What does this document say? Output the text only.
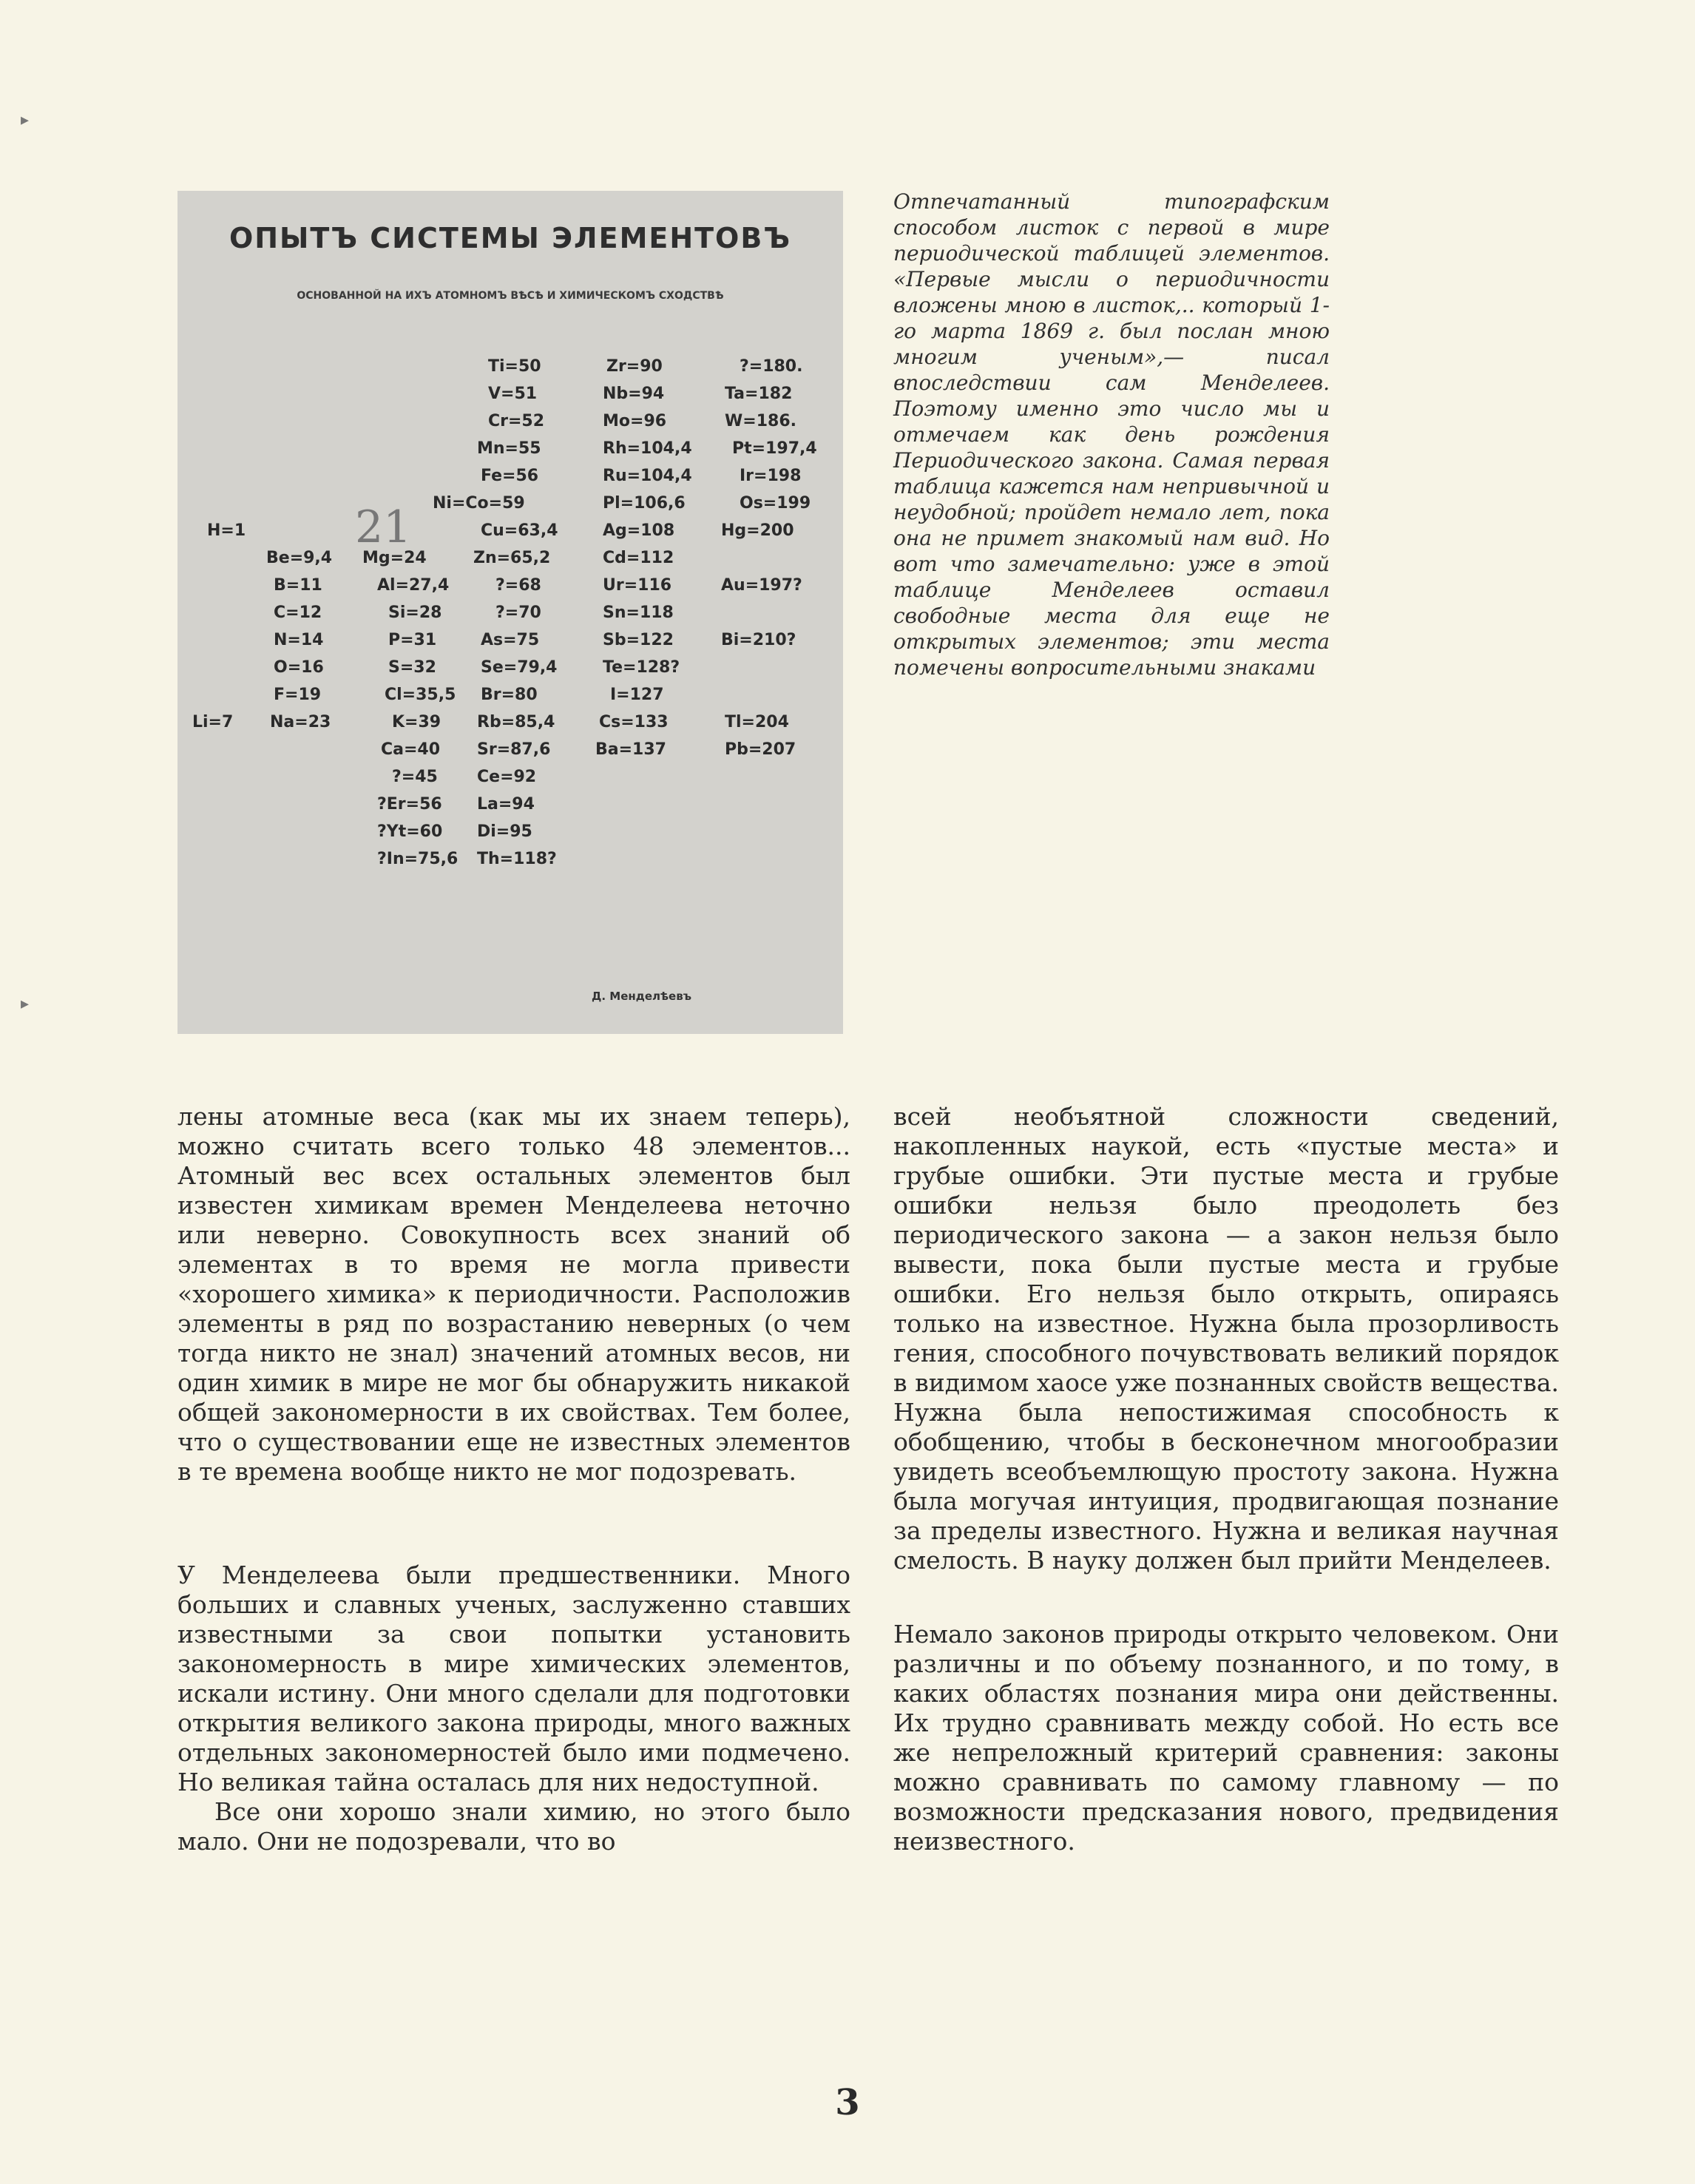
▸
▸
ОПЫТЪ СИСТЕМЫ ЭЛЕМЕНТОВЪ
ОСНОВАННОЙ НА ИХЪ АТОМНОМЪ ВѢСѢ И ХИМИЧЕСКОМЪ СХОДСТВѢ
21
Ti=50	Zr=90	?=180.
V=51	Nb=94	Ta=182
Cr=52	Mo=96	W=186.
Mn=55	Rh=104,4 Pt=197,4
Fe=56	Ru=104,4	Ir=198
Ni=Co=59	Pl=106,6	Os=199
H=1	Cu=63,4	Ag=108	Hg=200
Be=9,4 Mg=24	Zn=65,2	Cd=112
B=11	Al=27,4	?=68	Ur=116	Au=197?
C=12	Si=28	?=70	Sn=118
N=14	P=31	As=75	Sb=122	Bi=210?
O=16	S=32	Se=79,4	Te=128?
F=19	Cl=35,5 Br=80	I=127
Li=7 Na=23	K=39 Rb=85,4	Cs=133	Tl=204
Ca=40 Sr=87,6	Ba=137	Pb=207
?=45 Ce=92
?Er=56 La=94
?Yt=60 Di=95
?In=75,6 Th=118?
Д. Менделѣевъ

Отпечатанный типографским способом листок с первой в мире периодической таблицей элементов. «Первые мысли о периодичности вложены мною в листок,.. который 1-го марта 1869 г. был послан мною многим ученым»,— писал впоследствии сам Менделеев. Поэтому именно это число мы и отмечаем как день рождения Периодического закона. Самая первая таблица кажется нам непривычной и неудобной; пройдет немало лет, пока она не примет знакомый нам вид. Но вот что замечательно: уже в этой таблице Менделеев оставил свободные места для еще не открытых элементов; эти места помечены вопросительными знаками

лены атомные веса (как мы их знаем теперь), можно считать всего только 48 элементов... Атомный вес всех остальных элементов был известен химикам времен Менделеева неточно или неверно. Совокупность всех знаний об элементах в то время не могла привести «хорошего химика» к периодичности. Расположив элементы в ряд по возрастанию неверных (о чем тогда никто не знал) значений атомных весов, ни один химик в мире не мог бы обнаружить никакой общей закономерности в их свойствах. Тем более, что о существовании еще не известных элементов в те времена вообще никто не мог подозревать.

У Менделеева были предшественники. Много больших и славных ученых, заслуженно ставших известными за свои попытки установить закономерность в мире химических элементов, искали истину. Они много сделали для подготовки открытия великого закона природы, много важных отдельных закономерностей было ими подмечено. Но великая тайна осталась для них недоступной.

Все они хорошо знали химию, но этого было мало. Они не подозревали, что во

всей необъятной сложности сведений, накопленных наукой, есть «пустые места» и грубые ошибки. Эти пустые места и грубые ошибки нельзя было преодолеть без периодического закона — а закон нельзя было вывести, пока были пустые места и грубые ошибки. Его нельзя было открыть, опираясь только на известное. Нужна была прозорливость гения, способного почувствовать великий порядок в видимом хаосе уже познанных свойств вещества. Нужна была непостижимая способность к обобщению, чтобы в бесконечном многообразии увидеть всеобъемлющую простоту закона. Нужна была могучая интуиция, продвигающая познание за пределы известного. Нужна и великая научная смелость. В науку должен был прийти Менделеев.

Немало законов природы открыто человеком. Они различны и по объему познанного, и по тому, в каких областях познания мира они действенны. Их трудно сравнивать между собой. Но есть все же непреложный критерий сравнения: законы можно сравнивать по самому главному — по возможности предсказания нового, предвидения неизвестного.

3
